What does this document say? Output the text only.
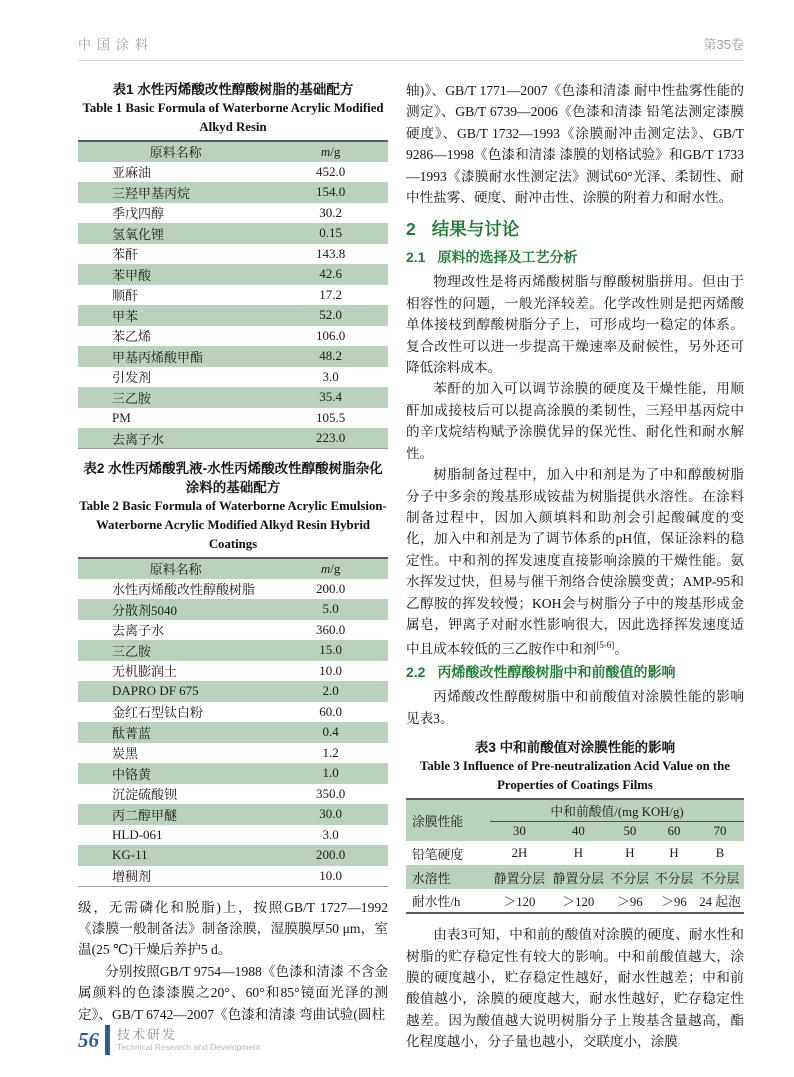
中国涂料	第35卷
表1 水性丙烯酸改性醇酸树脂的基础配方
Table 1 Basic Formula of Waterborne Acrylic Modified Alkyd Resin
原料名称	m/g
亚麻油	452.0
三羟甲基丙烷	154.0
季戊四醇	30.2
氢氧化锂	0.15
苯酐	143.8
苯甲酸	42.6
顺酐	17.2
甲苯	52.0
苯乙烯	106.0
甲基丙烯酸甲酯	48.2
引发剂	3.0
三乙胺	35.4
PM	105.5
去离子水	223.0
表2 水性丙烯酸乳液-水性丙烯酸改性醇酸树脂杂化涂料的基础配方
Table 2 Basic Formula of Waterborne Acrylic Emulsion-Waterborne Acrylic Modified Alkyd Resin Hybrid Coatings
原料名称	m/g
水性丙烯酸改性醇酸树脂	200.0
分散剂5040	5.0
去离子水	360.0
三乙胺	15.0
无机膨润土	10.0
DAPRO DF 675	2.0
金红石型钛白粉	60.0
酞菁蓝	0.4
炭黑	1.2
中铬黄	1.0
沉淀硫酸钡	350.0
丙二醇甲醚	30.0
HLD-061	3.0
KG-11	200.0
增稠剂	10.0

级，无需磷化和脱脂)上，按照GB/T 1727—1992《漆膜一般制备法》制备涂膜，湿膜膜厚50 μm，室温(25 ℃)干燥后养护5 d。

分别按照GB/T 9754—1988《色漆和清漆 不含金属颜料的色漆漆膜之20°、60°和85°镜面光泽的测定》、GB/T 6742—2007《色漆和清漆 弯曲试验(圆柱

轴)》、GB/T 1771—2007《色漆和清漆 耐中性盐雾性能的测定》、GB/T 6739—2006《色漆和清漆 铅笔法测定漆膜硬度》、GB/T 1732—1993《涂膜耐冲击测定法》、GB/T 9286—1998《色漆和清漆 漆膜的划格试验》和GB/T 1733—1993《漆膜耐水性测定法》测试60°光泽、柔韧性、耐中性盐雾、硬度、耐冲击性、涂膜的附着力和耐水性。

2 结果与讨论
2.1 原料的选择及工艺分析

物理改性是将丙烯酸树脂与醇酸树脂拼用。但由于相容性的问题，一般光泽较差。化学改性则是把丙烯酸单体接枝到醇酸树脂分子上，可形成均一稳定的体系。复合改性可以进一步提高干燥速率及耐候性，另外还可降低涂料成本。

苯酐的加入可以调节涂膜的硬度及干燥性能，用顺酐加成接枝后可以提高涂膜的柔韧性，三羟甲基丙烷中的辛戊烷结构赋予涂膜优异的保光性、耐化性和耐水解性。

树脂制备过程中，加入中和剂是为了中和醇酸树脂分子中多余的羧基形成铵盐为树脂提供水溶性。在涂料制备过程中，因加入颜填料和助剂会引起酸碱度的变化，加入中和剂是为了调节体系的pH值，保证涂料的稳定性。中和剂的挥发速度直接影响涂膜的干燥性能。氨水挥发过快，但易与催干剂络合使涂膜变黄；AMP-95和乙醇胺的挥发较慢；KOH会与树脂分子中的羧基形成金属皂，钾离子对耐水性影响很大，因此选择挥发速度适中且成本较低的三乙胺作中和剂[5-6]。

2.2 丙烯酸改性醇酸树脂中和前酸值的影响

丙烯酸改性醇酸树脂中和前酸值对涂膜性能的影响见表3。

表3 中和前酸值对涂膜性能的影响
Table 3 Influence of Pre-neutralization Acid Value on the Properties of Coatings Films
涂膜性能	中和前酸值/(mg KOH/g)				
	30	40	50	60	70
铅笔硬度	2H	H	H	H	B
水溶性	静置分层	静置分层	不分层	不分层	不分层
耐水性/h	＞120	＞120	＞96	＞96	24 起泡

由表3可知，中和前的酸值对涂膜的硬度、耐水性和树脂的贮存稳定性有较大的影响。中和前酸值越大，涂膜的硬度越小，贮存稳定性越好，耐水性越差；中和前酸值越小，涂膜的硬度越大，耐水性越好，贮存稳定性越差。因为酸值越大说明树脂分子上羧基含量越高，酯化程度越小，分子量也越小，交联度小，涂膜

56 技术研发
Technical Research and Development
